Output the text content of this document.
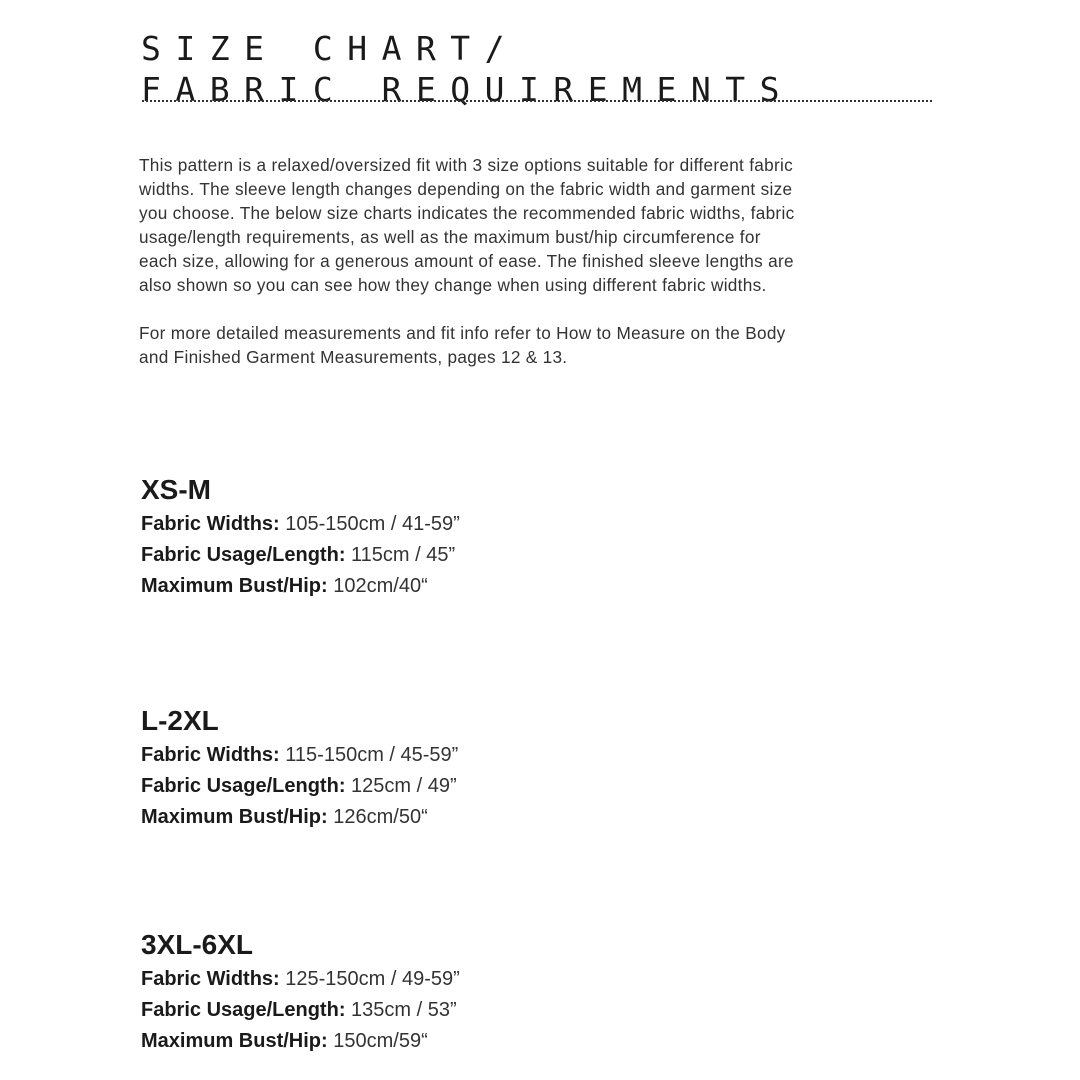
SIZE CHART/
FABRIC REQUIREMENTS

This pattern is a relaxed/oversized fit with 3 size options suitable for different fabric
widths. The sleeve length changes depending on the fabric width and garment size
you choose. The below size charts indicates the recommended fabric widths, fabric
usage/length requirements, as well as the maximum bust/hip circumference for
each size, allowing for a generous amount of ease. The finished sleeve lengths are
also shown so you can see how they change when using different fabric widths.

For more detailed measurements and fit info refer to How to Measure on the Body
and Finished Garment Measurements, pages 12 & 13.

XS-M
Fabric Widths: 105-150cm / 41-59”
Fabric Usage/Length: 115cm / 45”
Maximum Bust/Hip: 102cm/40“
L-2XL
Fabric Widths: 115-150cm / 45-59”
Fabric Usage/Length: 125cm / 49”
Maximum Bust/Hip: 126cm/50“
3XL-6XL
Fabric Widths: 125-150cm / 49-59”
Fabric Usage/Length: 135cm / 53”
Maximum Bust/Hip: 150cm/59“
